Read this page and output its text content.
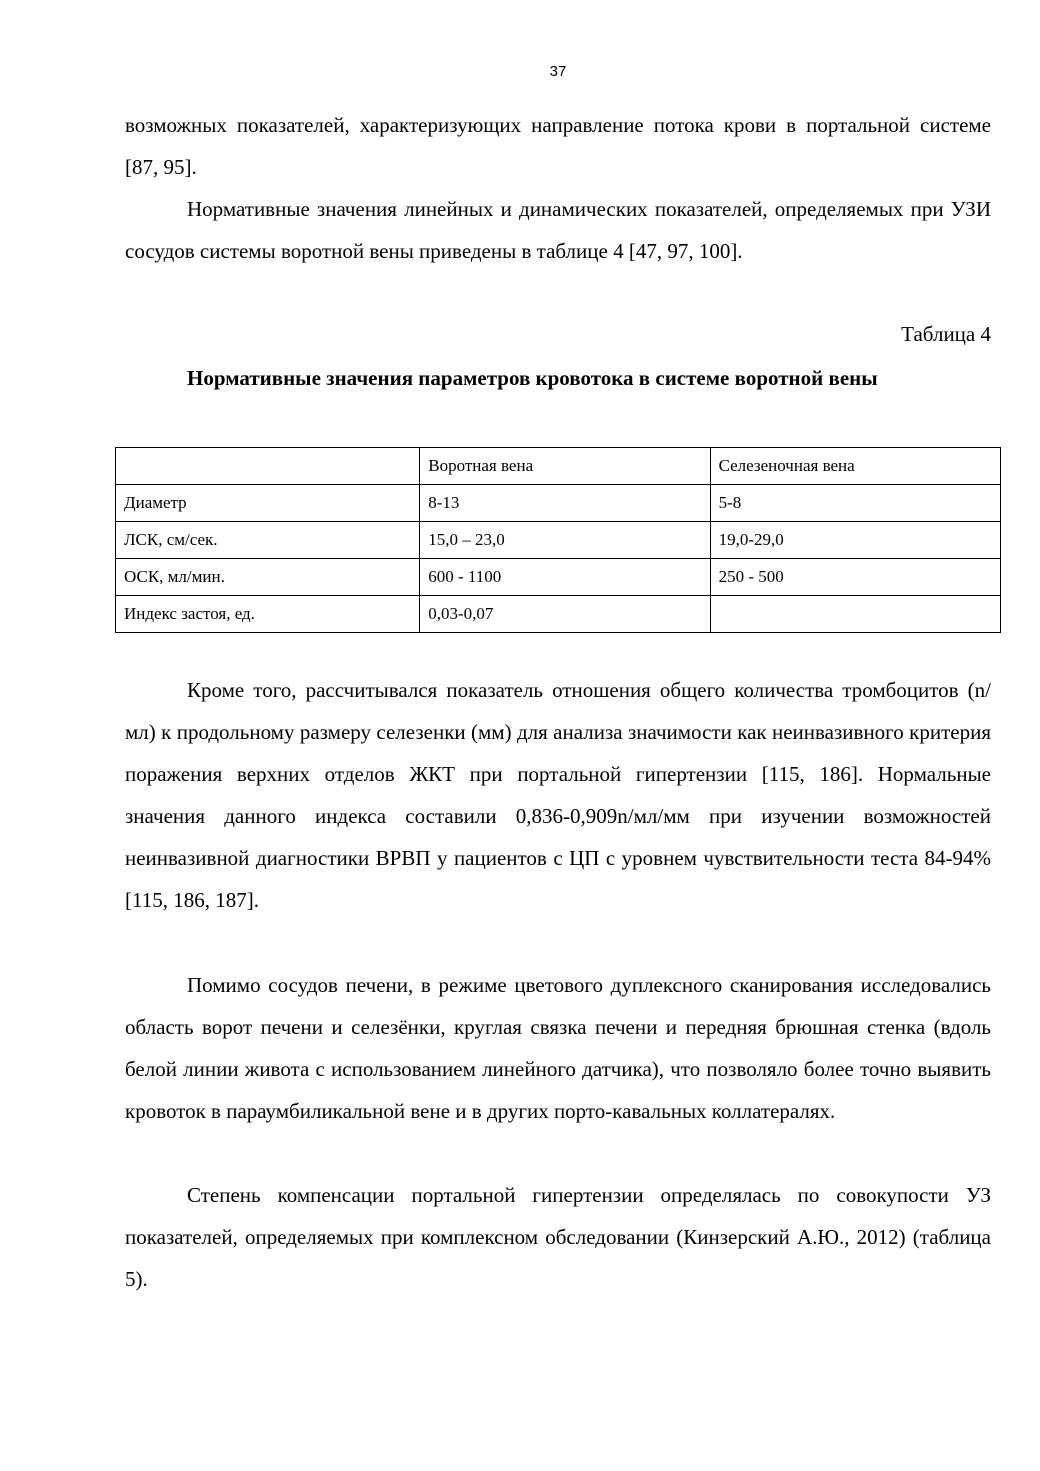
37

возможных показателей, характеризующих направление потока крови в портальной системе [87, 95].

Нормативные значения линейных и динамических показателей, определяемых при УЗИ сосудов системы воротной вены приведены в таблице 4 [47, 97, 100].

Таблица 4

Нормативные значения параметров кровотока в системе воротной вены

	Воротная вена	Селезеночная вена
Диаметр	8-13	5-8
ЛСК, см/сек.	15,0 – 23,0	19,0-29,0
ОСК, мл/мин.	600 - 1100	250 - 500
Индекс застоя, ед.	0,03-0,07	

Кроме того, рассчитывался показатель отношения общего количества тромбоцитов (n/мл) к продольному размеру селезенки (мм) для анализа значимости как неинвазивного критерия поражения верхних отделов ЖКТ при портальной гипертензии [115, 186]. Нормальные значения данного индекса составили 0,836-0,909n/мл/мм при изучении возможностей неинвазивной диагностики ВРВП у пациентов с ЦП с уровнем чувствительности теста 84-94% [115, 186, 187].

Помимо сосудов печени, в режиме цветового дуплексного сканирования исследовались область ворот печени и селезёнки, круглая связка печени и передняя брюшная стенка (вдоль белой линии живота с использованием линейного датчика), что позволяло более точно выявить кровоток в параумбиликальной вене и в других порто-кавальных коллатералях.

Степень компенсации портальной гипертензии определялась по совокупости УЗ показателей, определяемых при комплексном обследовании (Кинзерский А.Ю., 2012) (таблица 5).
